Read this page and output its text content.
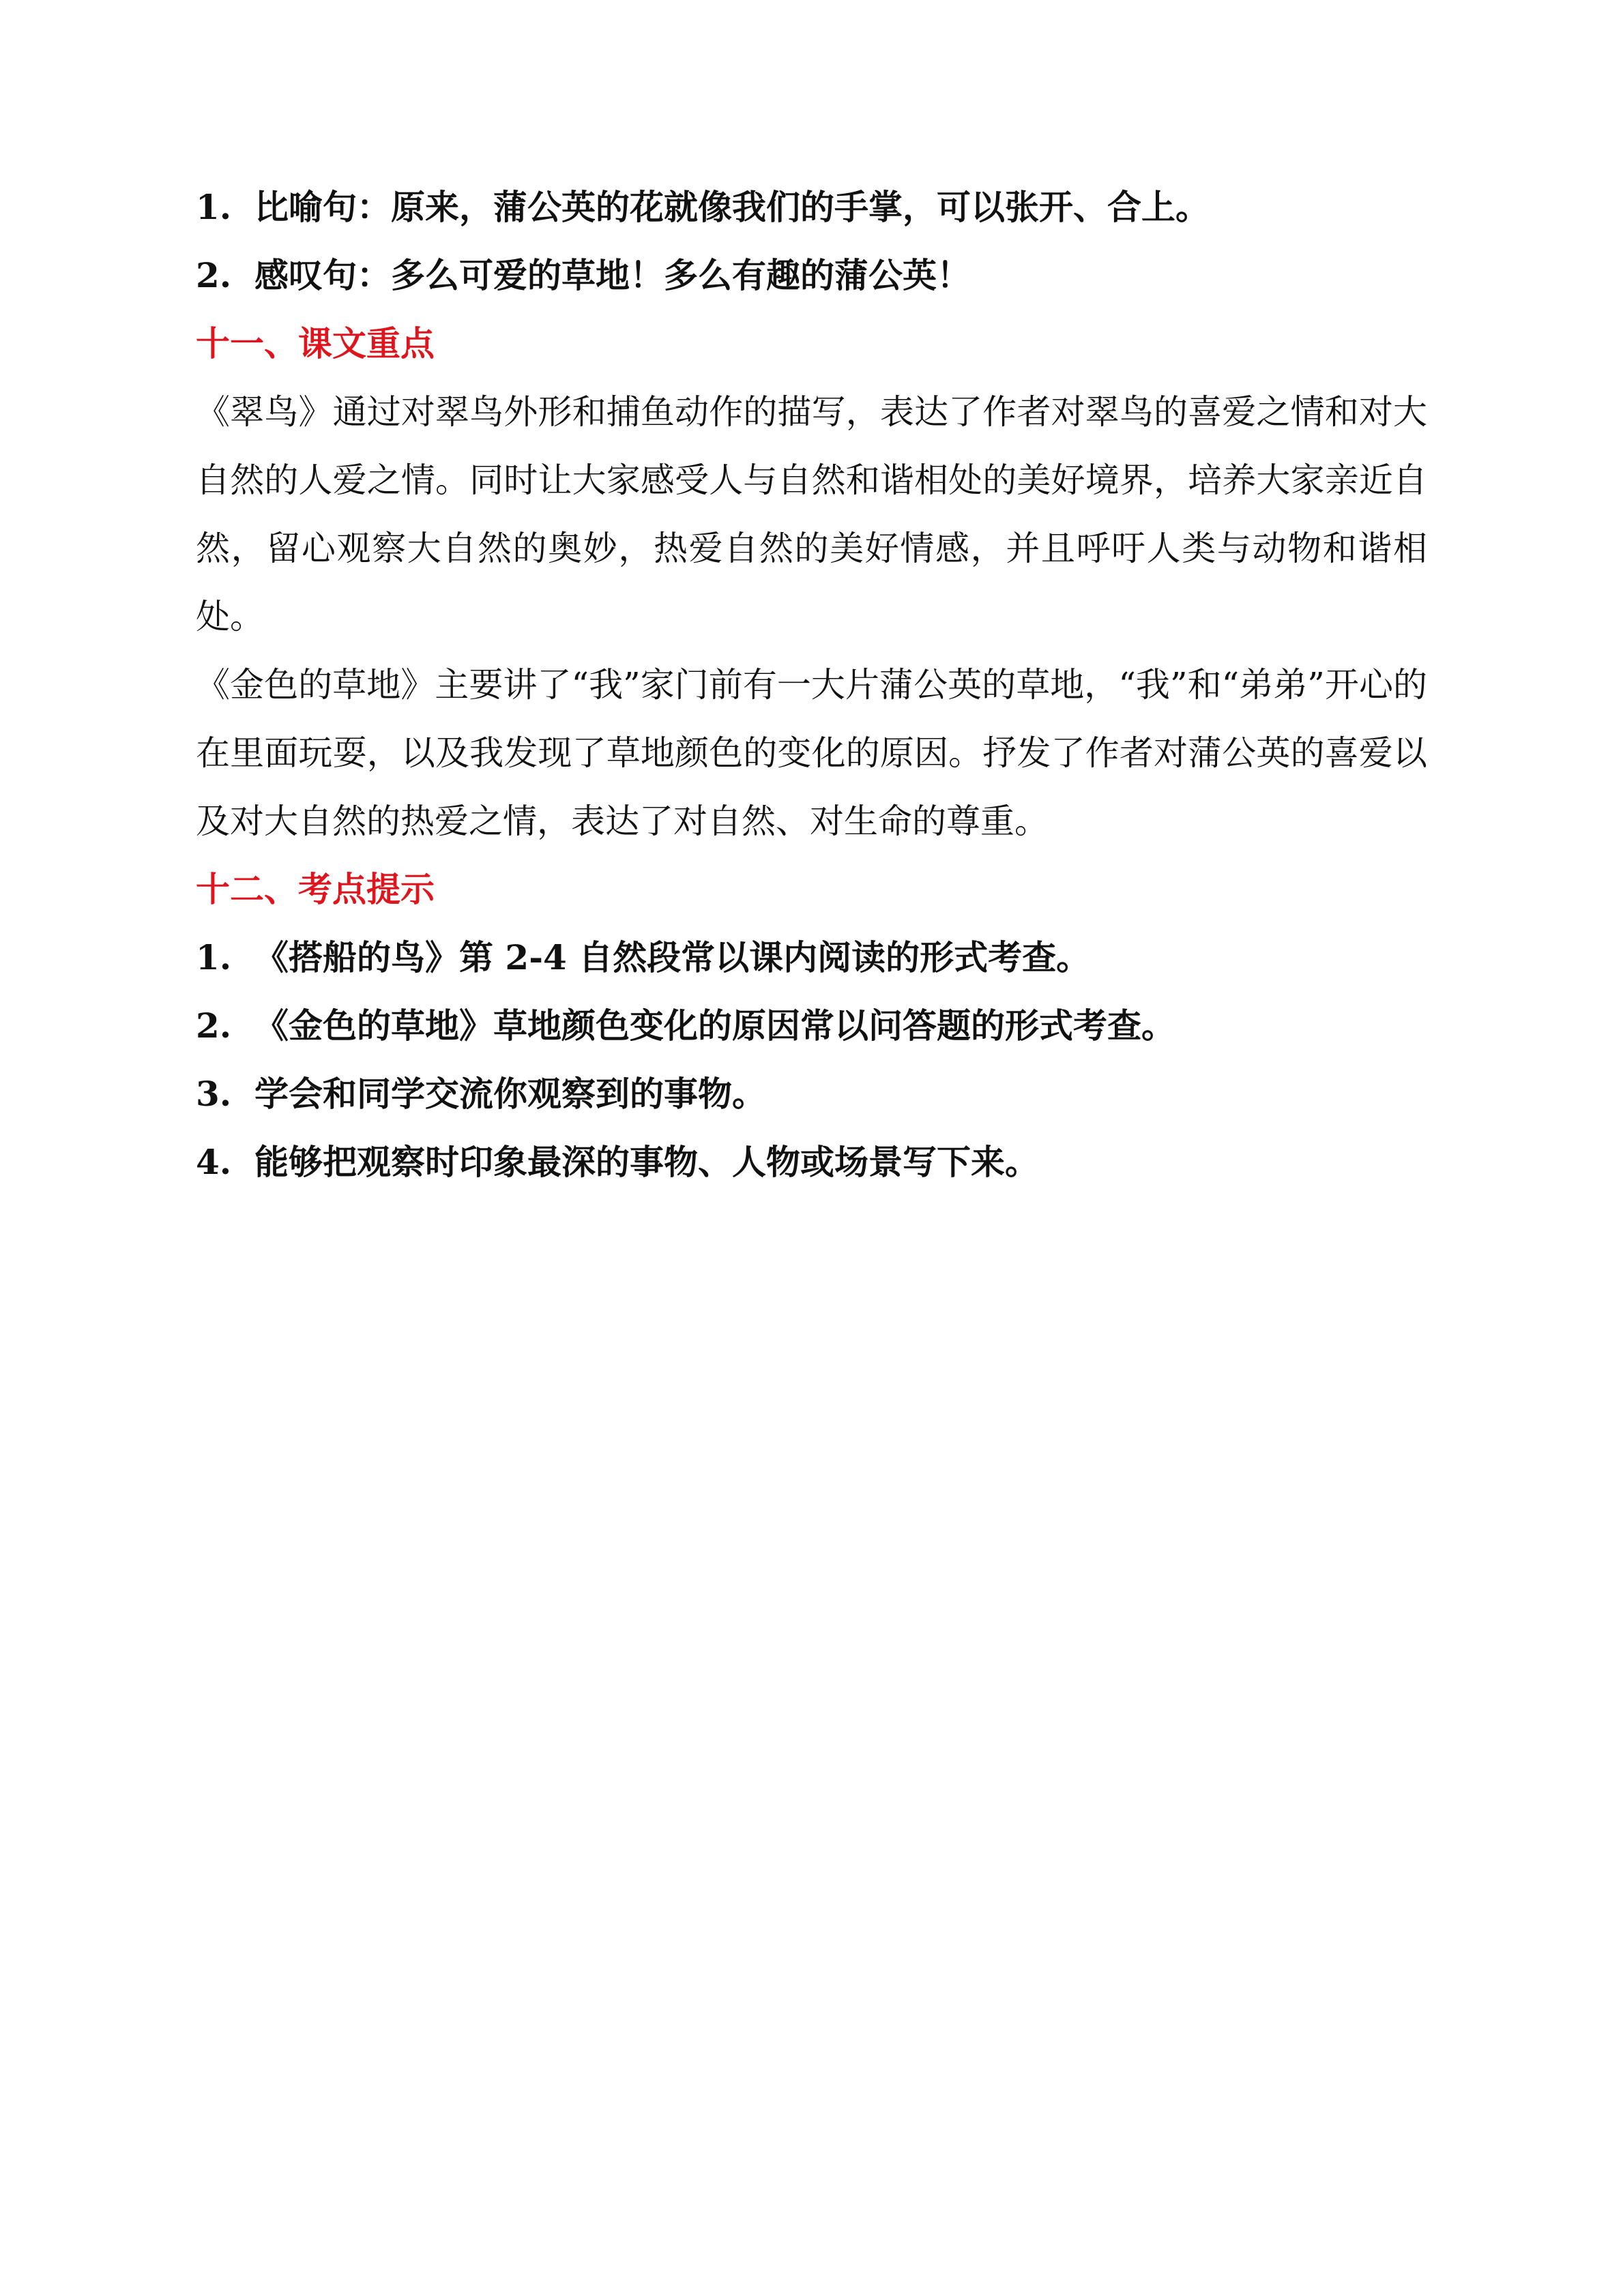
1. 比喻句：原来，蒲公英的花就像我们的手掌，可以张开、合上。
2. 感叹句：多么可爱的草地！多么有趣的蒲公英！
十一、课文重点
《翠鸟》通过对翠鸟外形和捕鱼动作的描写，表达了作者对翠鸟的喜爱之情和对大自然的人爱之情。同时让大家感受人与自然和谐相处的美好境界，培养大家亲近自然，留心观察大自然的奥妙，热爱自然的美好情感，并且呼吁人类与动物和谐相处。
《金色的草地》主要讲了“我”家门前有一大片蒲公英的草地，“我”和“弟弟”开心的在里面玩耍，以及我发现了草地颜色的变化的原因。抒发了作者对蒲公英的喜爱以及对大自然的热爱之情，表达了对自然、对生命的尊重。
十二、考点提示
1. 《搭船的鸟》第 2-4 自然段常以课内阅读的形式考查。
2. 《金色的草地》草地颜色变化的原因常以问答题的形式考查。
3. 学会和同学交流你观察到的事物。
4. 能够把观察时印象最深的事物、人物或场景写下来。
